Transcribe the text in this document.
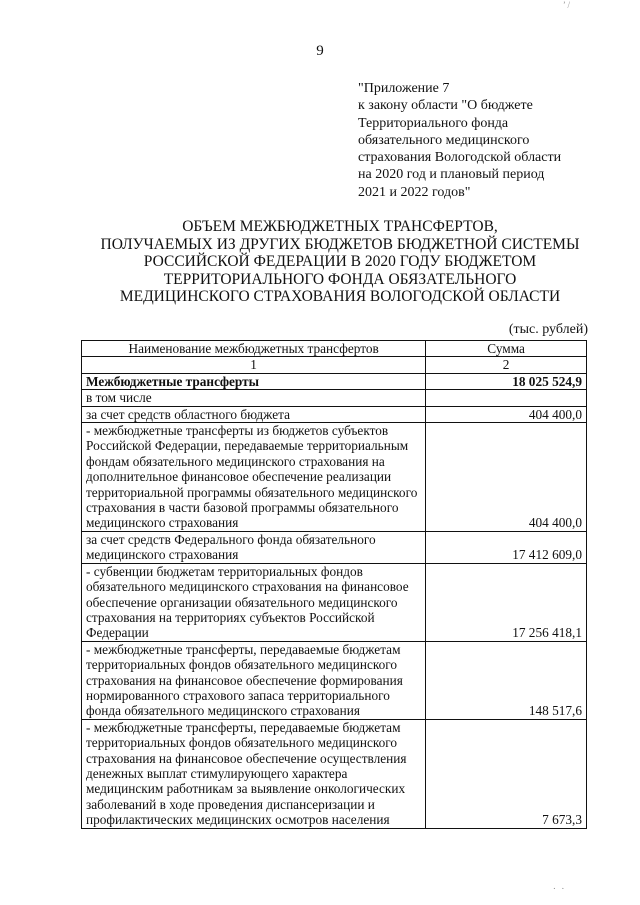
’ /
9
"Приложение 7
к закону области "О бюджете
Территориального фонда
обязательного медицинского
страхования Вологодской области
на 2020 год и плановый период
2021 и 2022 годов"
ОБЪЕМ МЕЖБЮДЖЕТНЫХ ТРАНСФЕРТОВ,
ПОЛУЧАЕМЫХ ИЗ ДРУГИХ БЮДЖЕТОВ БЮДЖЕТНОЙ СИСТЕМЫ
РОССИЙСКОЙ ФЕДЕРАЦИИ В 2020 ГОДУ БЮДЖЕТОМ
ТЕРРИТОРИАЛЬНОГО ФОНДА ОБЯЗАТЕЛЬНОГО
МЕДИЦИНСКОГО СТРАХОВАНИЯ ВОЛОГОДСКОЙ ОБЛАСТИ
(тыс. рублей)
Наименование межбюджетных трансфертов	Сумма
1	2
Межбюджетные трансферты	18 025 524,9
в том числе	
за счет средств областного бюджета	404 400,0
- межбюджетные трансферты из бюджетов субъектов Российской Федерации, передаваемые территориальным фондам обязательного медицинского страхования на дополнительное финансовое обеспечение реализации территориальной программы обязательного медицинского страхования в части базовой программы обязательного медицинского страхования	404 400,0
за счет средств Федерального фонда обязательного медицинского страхования	17 412 609,0
- субвенции бюджетам территориальных фондов обязательного медицинского страхования на финансовое обеспечение организации обязательного медицинского страхования на территориях субъектов Российской Федерации	17 256 418,1
- межбюджетные трансферты, передаваемые бюджетам территориальных фондов обязательного медицинского страхования на финансовое обеспечение формирования нормированного страхового запаса территориального фонда обязательного медицинского страхования	148 517,6
- межбюджетные трансферты, передаваемые бюджетам территориальных фондов обязательного медицинского страхования на финансовое обеспечение осуществления денежных выплат стимулирующего характера медицинским работникам за выявление онкологических заболеваний в ходе проведения диспансеризации и профилактических медицинских осмотров населения	7 673,3
. .
